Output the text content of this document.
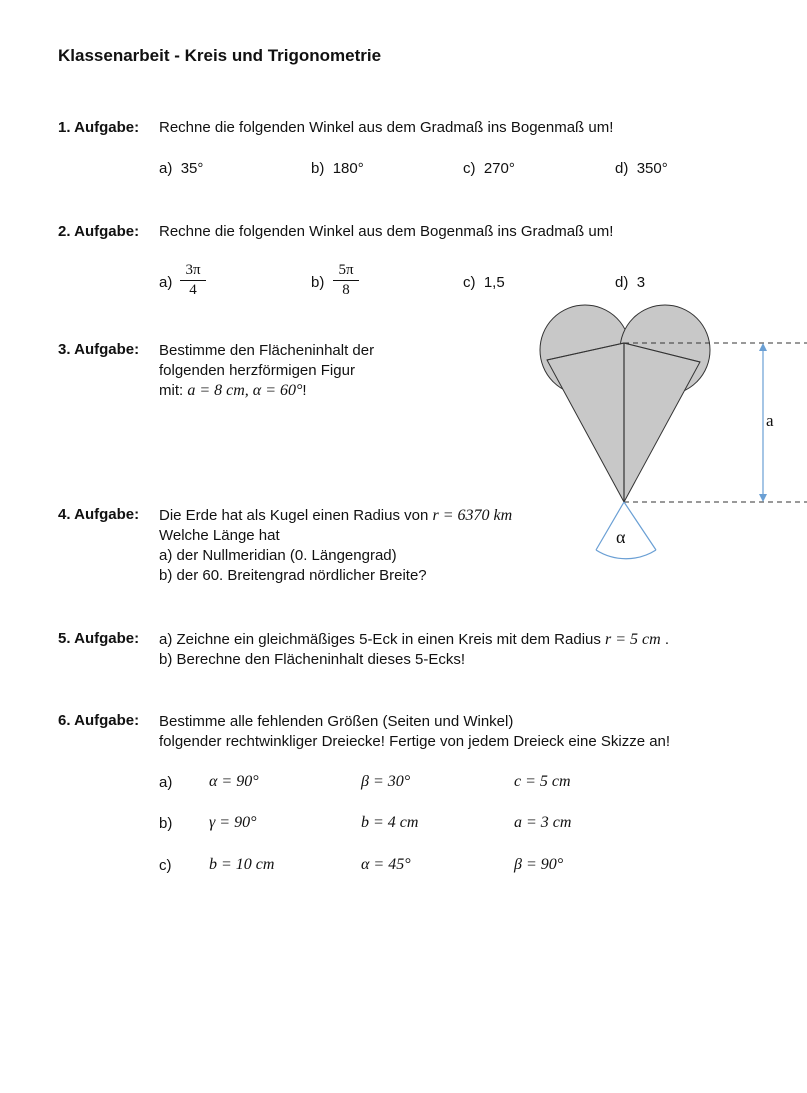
Klassenarbeit - Kreis und Trigonometrie
1. Aufgabe: Rechne die folgenden Winkel aus dem Gradmaß ins Bogenmaß um!
a) 35°	b) 180°	c) 270°	d) 350°
2. Aufgabe: Rechne die folgenden Winkel aus dem Bogenmaß ins Gradmaß um!
$a) \frac{3\pi}{4}$	$b) \frac{5\pi}{8}$	c) 1,5	d) 3
3. Aufgabe: Bestimme den Flächeninhalt der
folgenden herzförmigen Figur
mit: a = 8 cm, α = 60°!
a
α
4. Aufgabe: Die Erde hat als Kugel einen Radius von r = 6370 km
Welche Länge hat
a) der Nullmeridian (0. Längengrad)
b) der 60. Breitengrad nördlicher Breite?
5. Aufgabe: a) Zeichne ein gleichmäßiges 5-Eck in einen Kreis mit dem Radius r = 5 cm .
b) Berechne den Flächeninhalt dieses 5-Ecks!
6. Aufgabe: Bestimme alle fehlenden Größen (Seiten und Winkel)
folgender rechtwinkliger Dreiecke! Fertige von jedem Dreieck eine Skizze an!
a) α = 90°	β = 30°	c = 5 cm
b) γ = 90°	b = 4 cm	a = 3 cm
c) b = 10 cm	α = 45°	β = 90°
